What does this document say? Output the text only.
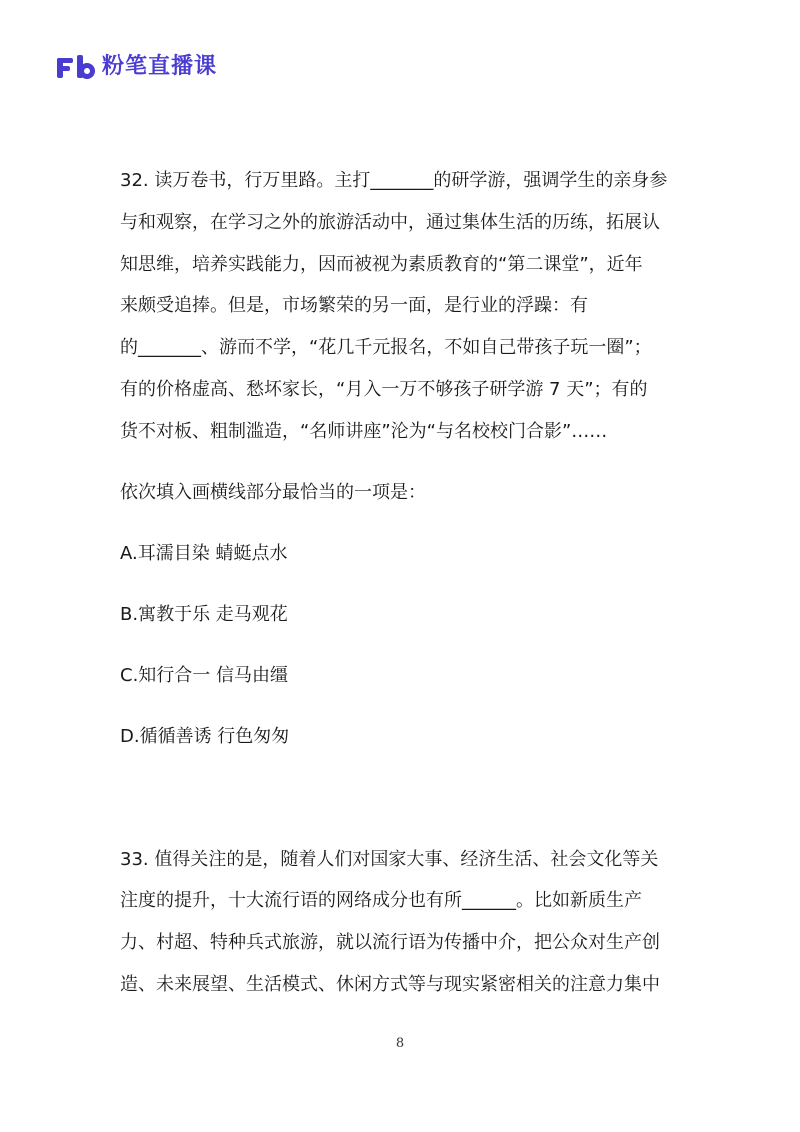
粉笔直播课
32. 读万卷书，行万里路。主打_______的研学游，强调学生的亲身参
与和观察，在学习之外的旅游活动中，通过集体生活的历练，拓展认
知思维，培养实践能力，因而被视为素质教育的“第二课堂”，近年
来颇受追捧。但是，市场繁荣的另一面，是行业的浮躁：有
的_______、游而不学，“花几千元报名，不如自己带孩子玩一圈”；
有的价格虚高、愁坏家长，“月入一万不够孩子研学游 7 天”；有的
货不对板、粗制滥造，“名师讲座”沦为“与名校校门合影”……
依次填入画横线部分最恰当的一项是：
A.耳濡目染 蜻蜓点水
B.寓教于乐 走马观花
C.知行合一 信马由缰
D.循循善诱 行色匆匆
33. 值得关注的是，随着人们对国家大事、经济生活、社会文化等关
注度的提升，十大流行语的网络成分也有所______。比如新质生产
力、村超、特种兵式旅游，就以流行语为传播中介，把公众对生产创
造、未来展望、生活模式、休闲方式等与现实紧密相关的注意力集中
8
